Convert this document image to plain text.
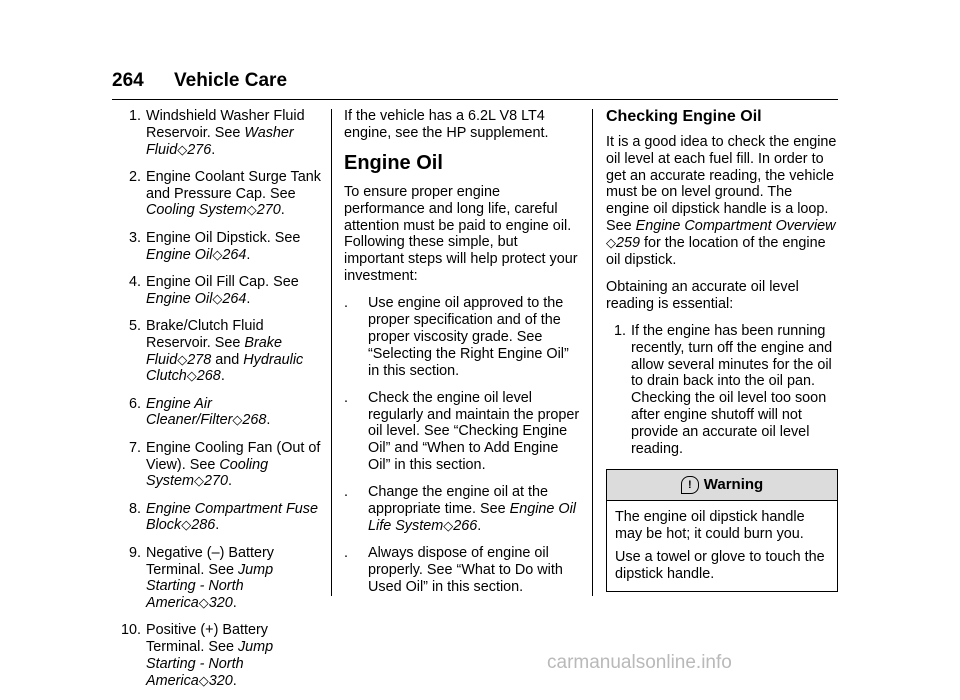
264 Vehicle Care
1. Windshield Washer Fluid Reservoir. See Washer Fluid◇276.
2. Engine Coolant Surge Tank and Pressure Cap. See Cooling System◇270.
3. Engine Oil Dipstick. See Engine Oil◇264.
4. Engine Oil Fill Cap. See Engine Oil◇264.
5. Brake/Clutch Fluid Reservoir. See Brake Fluid◇278 and Hydraulic Clutch◇268.
6. Engine Air Cleaner/Filter◇268.
7. Engine Cooling Fan (Out of View). See Cooling System◇270.
8. Engine Compartment Fuse Block◇286.
9. Negative (–) Battery Terminal. See Jump Starting - North America◇320.
10. Positive (+) Battery Terminal. See Jump Starting - North America◇320.

If the vehicle has a 6.2L V8 LT4 engine, see the HP supplement.

Engine Oil

To ensure proper engine performance and long life, careful attention must be paid to engine oil. Following these simple, but important steps will help protect your investment:

.	Use engine oil approved to the proper specification and of the proper viscosity grade. See “Selecting the Right Engine Oil” in this section.
.	Check the engine oil level regularly and maintain the proper oil level. See “Checking Engine Oil” and “When to Add Engine Oil” in this section.
.	Change the engine oil at the appropriate time. See Engine Oil Life System◇266.
.	Always dispose of engine oil properly. See “What to Do with Used Oil” in this section.
Checking Engine Oil

It is a good idea to check the engine oil level at each fuel fill. In order to get an accurate reading, the vehicle must be on level ground. The engine oil dipstick handle is a loop. See Engine Compartment Overview ◇259 for the location of the engine oil dipstick.

Obtaining an accurate oil level reading is essential:

1. If the engine has been running recently, turn off the engine and allow several minutes for the oil to drain back into the oil pan. Checking the oil level too soon after engine shutoff will not provide an accurate oil level reading.
! Warning

The engine oil dipstick handle may be hot; it could burn you.

Use a towel or glove to touch the dipstick handle.

carmanualsonline.info
